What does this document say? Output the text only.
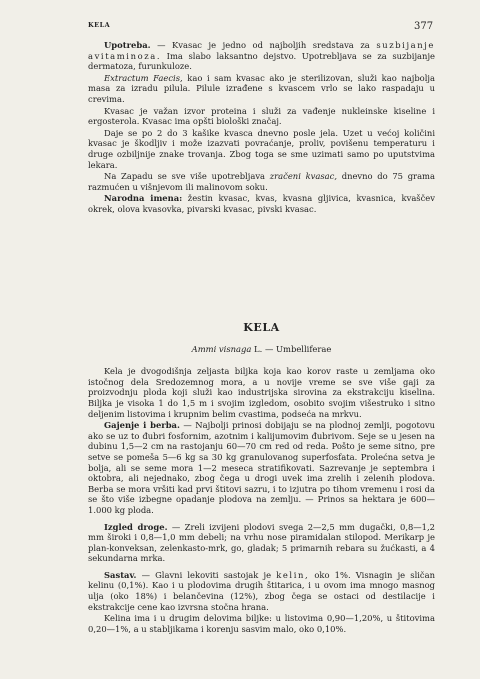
KELA	377

Upotreba. — Kvasac je jedno od najboljih sredstava za suzbijanje avitaminoza. Ima slabo laksantno dejstvo. Upotrebljava se za suzbijanje dermatoza, furunkuloze.

Extractum Faecis, kao i sam kvasac ako je sterilizovan, služi kao najbolja masa za izradu pilula. Pilule izrađene s kvascem vrlo se lako raspadaju u crevima.

Kvasac je važan izvor proteina i služi za vađenje nukleinske kiseline i ergosterola. Kvasac ima opšti biološki značaj.

Daje se po 2 do 3 kašike kvasca dnevno posle jela. Uzet u većoj količini kvasac je škodljiv i može izazvati povraćanje, proliv, povišenu temperaturu i druge ozbiljnije znake trovanja. Zbog toga se sme uzimati samo po uputstvima lekara.

Na Zapadu se sve više upotrebljava zračeni kvasac, dnevno do 75 grama razmućen u višnjevom ili malinovom soku.

Narodna imena: žestin kvasac, kvas, kvasna gljivica, kvasnica, kvaščev okrek, olova kvasovka, pivarski kvasac, pivski kvasac.

KELA

Ammi visnaga L. — Umbelliferae

Kela je dvogodišnja zeljasta biljka koja kao korov raste u zemljama oko istočnog dela Sredozemnog mora, a u novije vreme se sve više gaji za proizvodnju ploda koji služi kao industrijska sirovina za ekstrakciju kiselina. Biljka je visoka 1 do 1,5 m i svojim izgledom, osobito svojim višestruko i sitno deljenim listovima i krupnim belim cvastima, podseća na mrkvu.

Gajenje i berba. — Najbolji prinosi dobijaju se na plodnoj zemlji, pogotovu ako se uz to đubri fosfornim, azotnim i kalijumovim đubrivom. Seje se u jesen na dubinu 1,5—2 cm na rastojanju 60—70 cm red od reda. Pošto je seme sitno, pre setve se pomeša 5—6 kg sa 30 kg granulovanog superfosfata. Prolećna setva je bolja, ali se seme mora 1—2 meseca stratifikovati. Sazrevanje je septembra i oktobra, ali nejednako, zbog čega u drogi uvek ima zrelih i zelenih plodova. Berba se mora vršiti kad prvi štitovi sazru, i to izjutra po tihom vremenu i rosi da se što više izbegne opadanje plodova na zemlju. — Prinos sa hektara je 600—1.000 kg ploda.

Izgled droge. — Zreli izvijeni plodovi svega 2—2,5 mm dugački, 0,8—1,2 mm široki i 0,8—1,0 mm debeli; na vrhu nose piramidalan stilopod. Merikarp je plan-konveksan, zelenkasto-mrk, go, gladak; 5 primarnih rebara su žućkasti, a 4 sekundarna mrka.

Sastav. — Glavni lekoviti sastojak je kelin, oko 1%. Visnagin je sličan kelinu (0,1%). Kao i u plodovima drugih štitarica, i u ovom ima mnogo masnog ulja (oko 18%) i belančevina (12%), zbog čega se ostaci od destilacije i ekstrakcije cene kao izvrsna stočna hrana.

Kelina ima i u drugim delovima biljke: u listovima 0,90—1,20%, u štitovima 0,20—1%, a u stabljikama i korenju sasvim malo, oko 0,10%.
